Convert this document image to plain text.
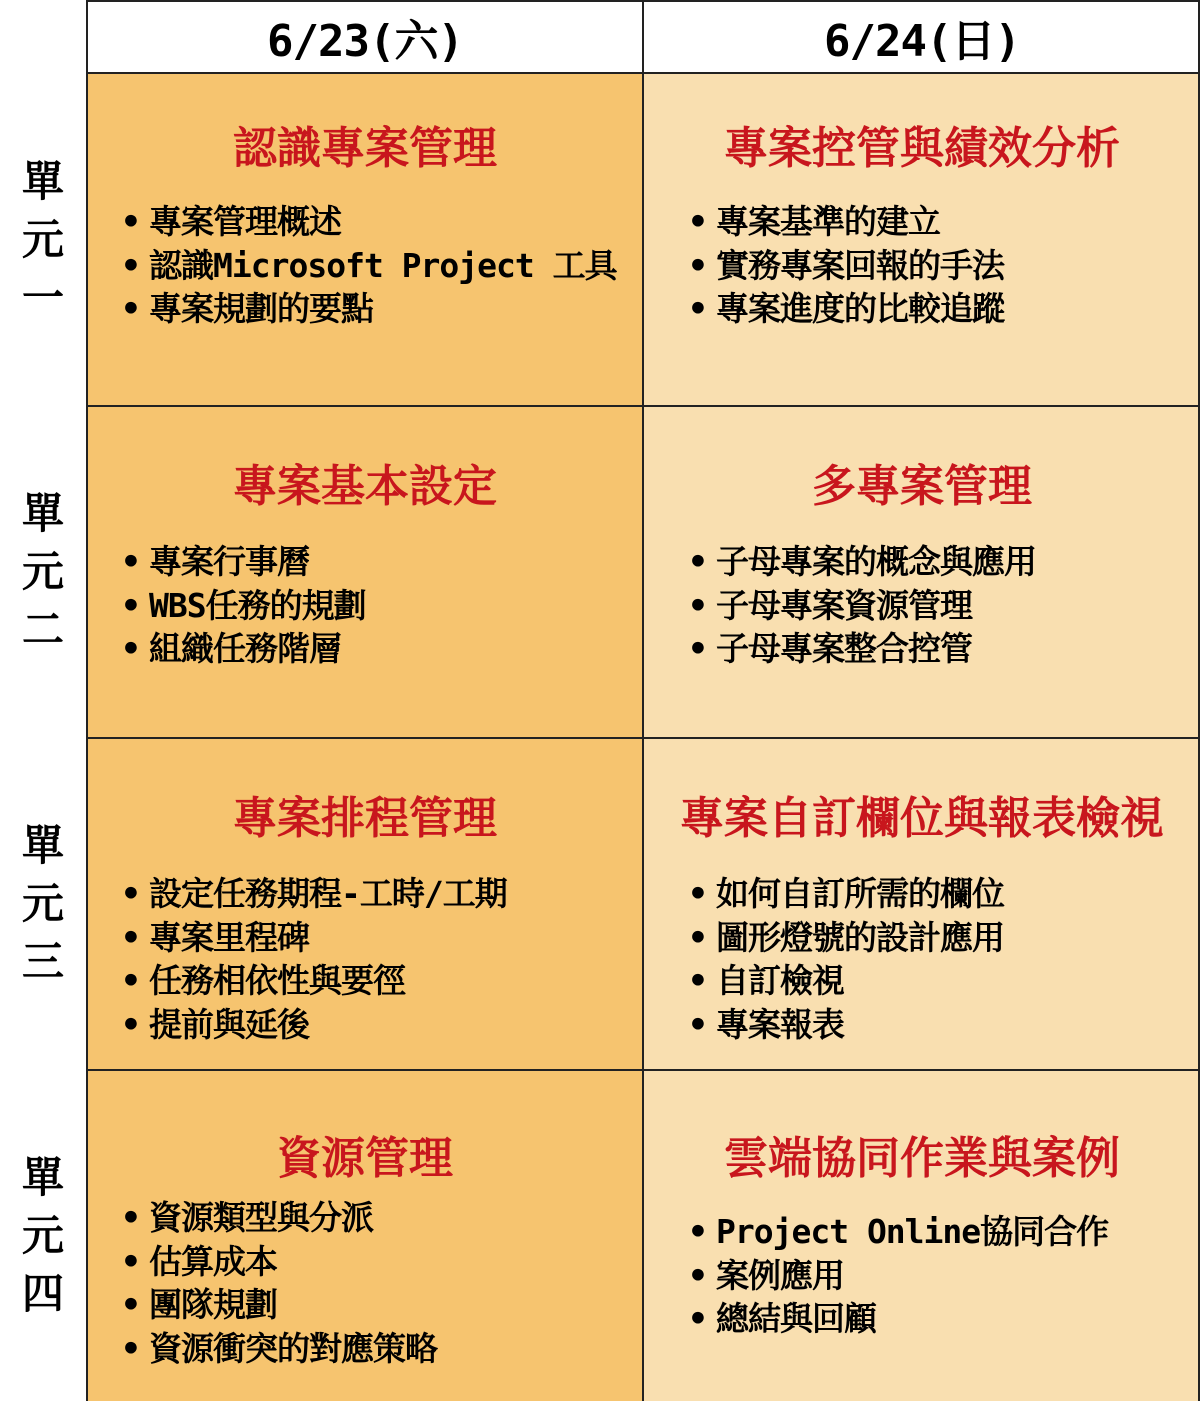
6/23(六)	6/24(日)
單
元
一
認識專案管理
• 專案管理概述
• 認識Microsoft Project 工具
• 專案規劃的要點
專案控管與績效分析
• 專案基準的建立
• 實務專案回報的手法
• 專案進度的比較追蹤
單
元
二
專案基本設定
• 專案行事曆
• WBS任務的規劃
• 組織任務階層
多專案管理
• 子母專案的概念與應用
• 子母專案資源管理
• 子母專案整合控管
單
元
三
專案排程管理
• 設定任務期程-工時/工期
• 專案里程碑
• 任務相依性與要徑
• 提前與延後
專案自訂欄位與報表檢視
• 如何自訂所需的欄位
• 圖形燈號的設計應用
• 自訂檢視
• 專案報表
單
元
四
資源管理
• 資源類型與分派
• 估算成本
• 團隊規劃
• 資源衝突的對應策略
雲端協同作業與案例
• Project Online協同合作
• 案例應用
• 總結與回顧
